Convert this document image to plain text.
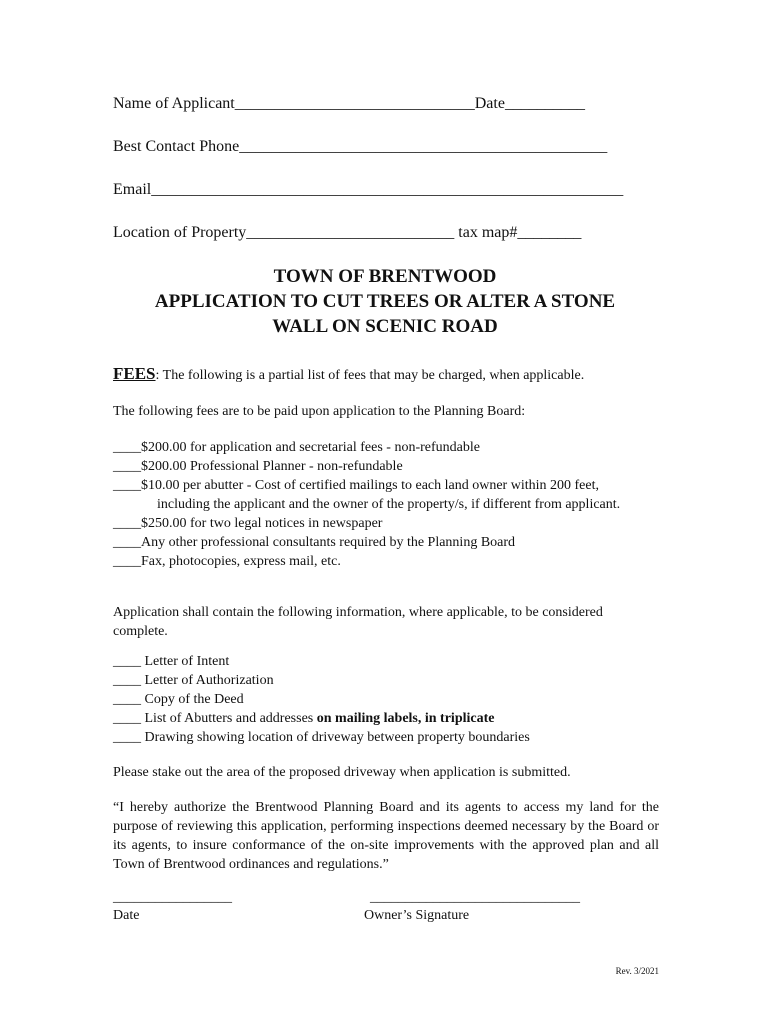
Name of Applicant______________________________Date__________
Best Contact Phone______________________________________________
Email___________________________________________________________
Location of Property__________________________ tax map#________
TOWN OF BRENTWOOD
APPLICATION TO CUT TREES OR ALTER A STONE
WALL ON SCENIC ROAD
FEES: The following is a partial list of fees that may be charged, when applicable.
The following fees are to be paid upon application to the Planning Board:
____$200.00 for application and secretarial fees - non-refundable
____$200.00 Professional Planner - non-refundable
____$10.00 per abutter - Cost of certified mailings to each land owner within 200 feet,
including the applicant and the owner of the property/s, if different from applicant.
____$250.00 for two legal notices in newspaper
____Any other professional consultants required by the Planning Board
____Fax, photocopies, express mail, etc.
Application shall contain the following information, where applicable, to be considered complete.
____ Letter of Intent
____ Letter of Authorization
____ Copy of the Deed
____ List of Abutters and addresses on mailing labels, in triplicate
____ Drawing showing location of driveway between property boundaries
Please stake out the area of the proposed driveway when application is submitted.
“I hereby authorize the Brentwood Planning Board and its agents to access my land for the purpose of reviewing this application, performing inspections deemed necessary by the Board or its agents, to insure conformance of the on-site improvements with the approved plan and all Town of Brentwood ordinances and regulations.”
_________________
Date
______________________________
Owner’s Signature
Rev. 3/2021
